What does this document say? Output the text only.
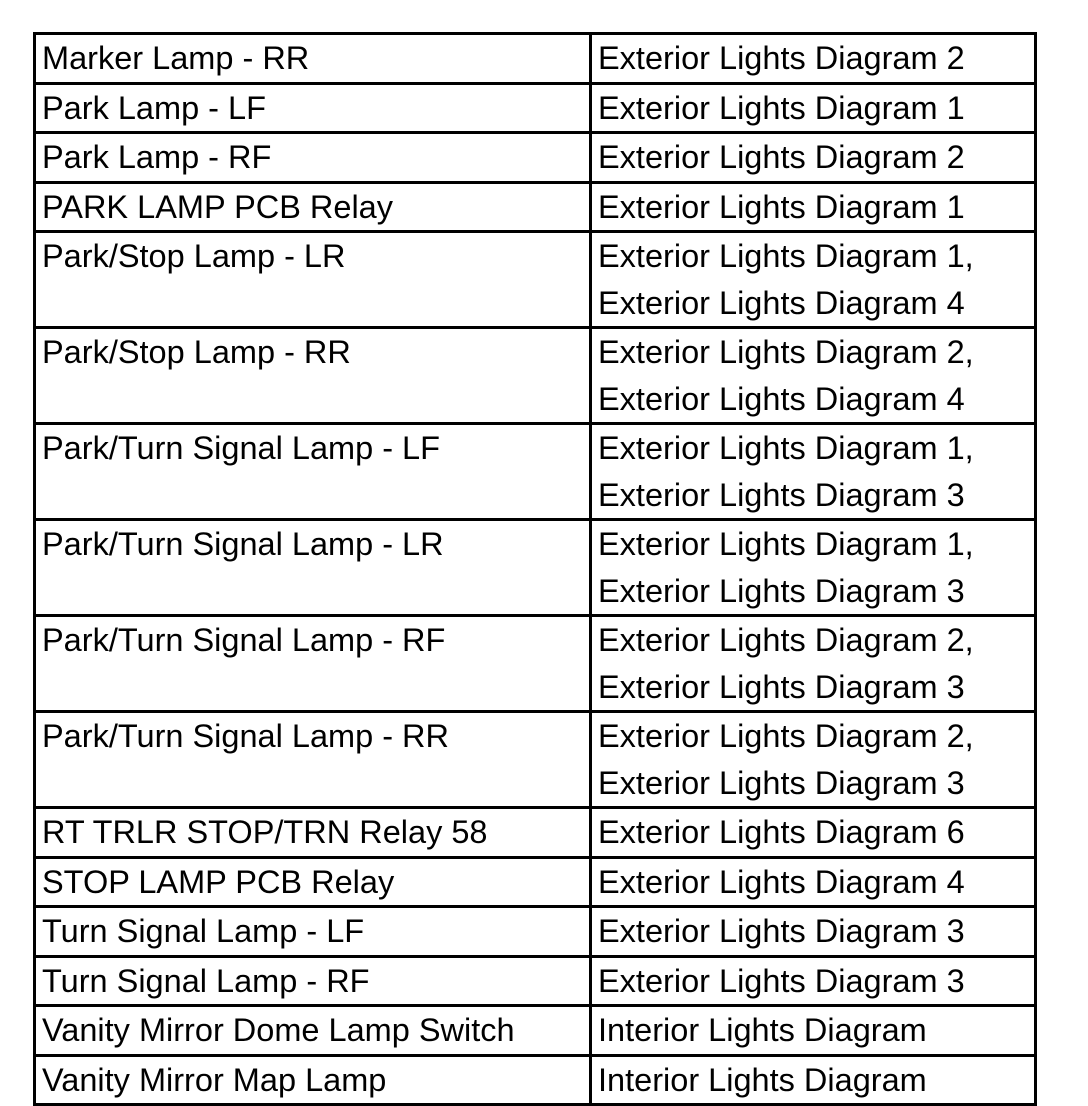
Marker Lamp - RR	Exterior Lights Diagram 2

Park Lamp - LF	Exterior Lights Diagram 1

Park Lamp - RF	Exterior Lights Diagram 2

PARK LAMP PCB Relay	Exterior Lights Diagram 1

Park/Stop Lamp - LR	Exterior Lights Diagram 1,
Exterior Lights Diagram 4

Park/Stop Lamp - RR	Exterior Lights Diagram 2,
Exterior Lights Diagram 4

Park/Turn Signal Lamp - LF	Exterior Lights Diagram 1,
Exterior Lights Diagram 3

Park/Turn Signal Lamp - LR	Exterior Lights Diagram 1,
Exterior Lights Diagram 3

Park/Turn Signal Lamp - RF	Exterior Lights Diagram 2,
Exterior Lights Diagram 3

Park/Turn Signal Lamp - RR	Exterior Lights Diagram 2,
Exterior Lights Diagram 3

RT TRLR STOP/TRN Relay 58	Exterior Lights Diagram 6

STOP LAMP PCB Relay	Exterior Lights Diagram 4

Turn Signal Lamp - LF	Exterior Lights Diagram 3

Turn Signal Lamp - RF	Exterior Lights Diagram 3

Vanity Mirror Dome Lamp Switch	Interior Lights Diagram

Vanity Mirror Map Lamp	Interior Lights Diagram
